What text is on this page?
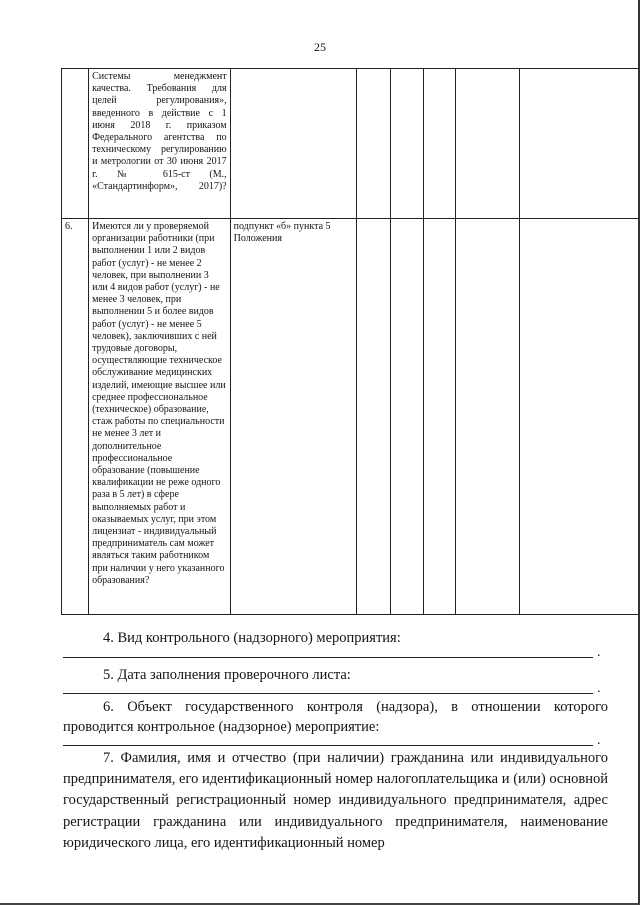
25
	Системы менеджмент качества. Требования для целей регулирования», введенного в действие с 1 июня 2018 г. приказом Федерального агентства по техническому регулированию и метрологии от 30 июня 2017 г. № 615-ст (М., «Стандартинформ», 2017)?						
6.	Имеются ли у проверяемой организации работники (при выполнении 1 или 2 видов работ (услуг) - не менее 2 человек, при выполнении 3 или 4 видов работ (услуг) - не менее 3 человек, при выполнении 5 и более видов работ (услуг) - не менее 5 человек), заключивших с ней трудовые договоры, осуществляющие техническое обслуживание медицинских изделий, имеющие высшее или среднее профессиональное (техническое) образование, стаж работы по специальности не менее 3 лет и дополнительное профессиональное образование (повышение квалификации не реже одного раза в 5 лет) в сфере выполняемых работ и оказываемых услуг, при этом лицензиат - индивидуальный предприниматель сам может являться таким работником при наличии у него указанного образования?	подпункт «б» пункта 5 Положения					
4. Вид контрольного (надзорного) мероприятия:
.
5. Дата заполнения проверочного листа:
.
6. Объект государственного контроля (надзора), в отношении которого
проводится контрольное (надзорное) мероприятие:
.
7. Фамилия, имя и отчество (при наличии) гражданина или индивидуального предпринимателя, его идентификационный номер налогоплательщика и (или) основной государственный регистрационный номер индивидуального предпринимателя, адрес регистрации гражданина или индивидуального предпринимателя, наименование юридического лица, его идентификационный номер
